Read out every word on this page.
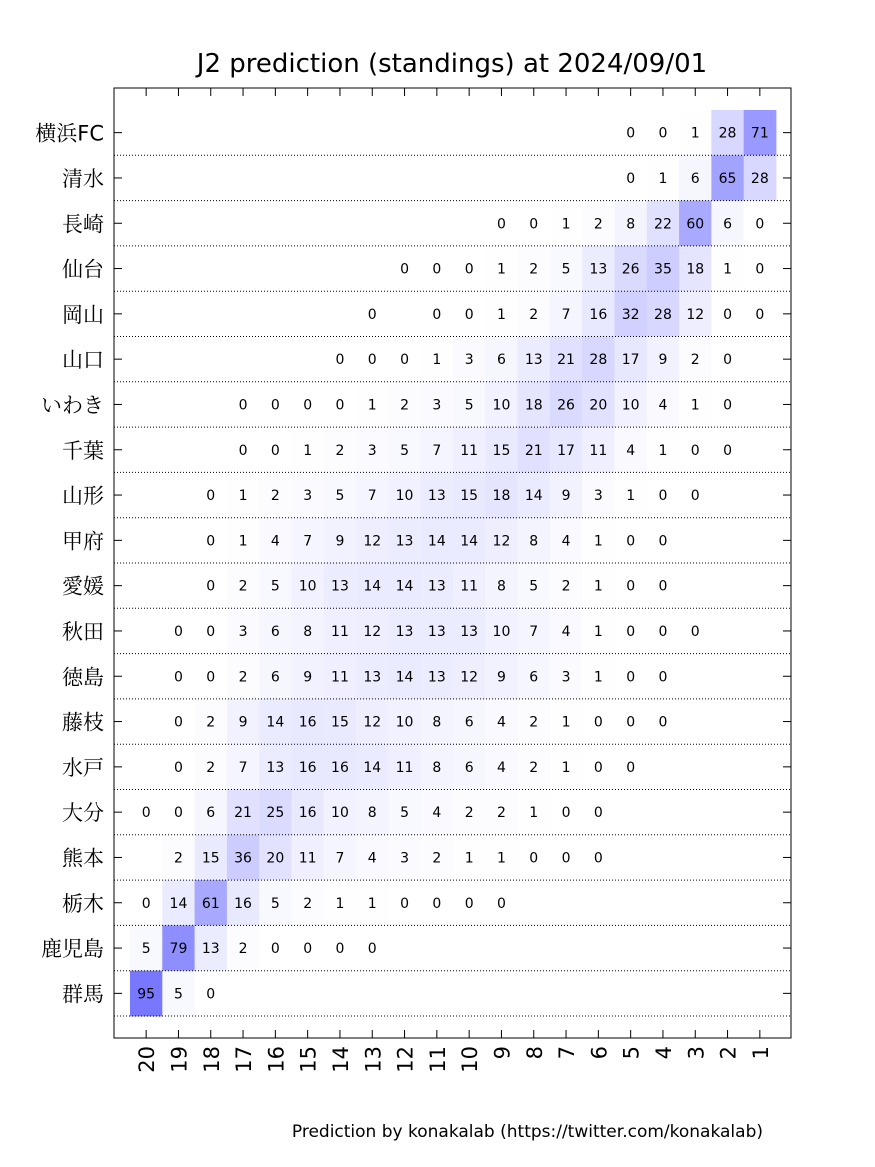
J2 prediction (standings) at 2024/09/01
横浜FC
清水
長崎
仙台
岡山
山口
いわき
千葉
山形
甲府
愛媛
秋田
徳島
藤枝
水戸
大分
熊本
栃木
鹿児島
群馬
20 19 18 17 16 15 14 13 12 11 10 9 8 7 6 5 4 3 2 1
0 0 1 28 71
0 1 6 65 28
0 0 1 2 8 22 60 6 0
0 0 0 1 2 5 13 26 35 18 1 0
0	0 0 1 2 7 16 32 28 12 0 0
0 0 0 1 3 6 13 21 28 17 9 2 0
0 0 0 0 1 2 3 5 10 18 26 20 10 4 1 0
0 0 1 2 3 5 7 11 15 21 17 11 4 1 0 0
0 1 2 3 5 7 10 13 15 18 14 9 3 1 0 0
0 1 4 7 9 12 13 14 14 12 8 4 1 0 0
0 2 5 10 13 14 14 13 11 8 5 2 1 0 0
0 0 3 6 8 11 12 13 13 13 10 7 4 1 0 0 0
0 0 2 6 9 11 13 14 13 12 9 6 3 1 0 0
0 2 9 14 16 15 12 10 8 6 4 2 1 0 0 0
0 2 7 13 16 16 14 11 8 6 4 2 1 0 0
0 0 6 21 25 16 10 8 5 4 2 2 1 0 0
2 15 36 20 11 7 4 3 2 1 1 0 0 0
0 14 61 16 5 2 1 1 0 0 0 0
5 79 13 2 0 0 0 0
95 5 0
Prediction by konakalab (https://twitter.com/konakalab)
